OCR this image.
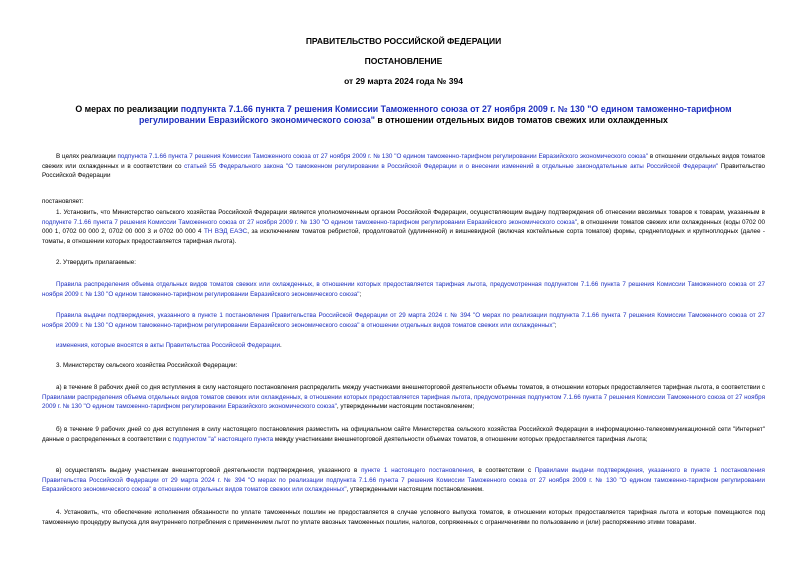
ПРАВИТЕЛЬСТВО РОССИЙСКОЙ ФЕДЕРАЦИИ
ПОСТАНОВЛЕНИЕ
от 29 марта 2024 года № 394
О мерах по реализации подпункта 7.1.66 пункта 7 решения Комиссии Таможенного союза от 27 ноября 2009 г. № 130 "О едином таможенно-тарифном регулировании Евразийского экономического союза" в отношении отдельных видов томатов свежих или охлажденных

В целях реализации подпункта 7.1.66 пункта 7 решения Комиссии Таможенного союза от 27 ноября 2009 г. № 130 "О едином таможенно-тарифном регулировании Евразийского экономического союза" в отношении отдельных видов томатов свежих или охлажденных и в соответствии со статьей 55 Федерального закона "О таможенном регулировании в Российской Федерации и о внесении изменений в отдельные законодательные акты Российской Федерации" Правительство Российской Федерации

постановляет:

1. Установить, что Министерство сельского хозяйства Российской Федерации является уполномоченным органом Российской Федерации, осуществляющим выдачу подтверждения об отнесении ввозимых товаров к товарам, указанным в подпункте 7.1.66 пункта 7 решения Комиссии Таможенного союза от 27 ноября 2009 г. № 130 "О едином таможенно-тарифном регулировании Евразийского экономического союза", в отношении томатов свежих или охлажденных (коды 0702 00 000 1, 0702 00 000 2, 0702 00 000 3 и 0702 00 000 4 ТН ВЭД ЕАЭС, за исключением томатов ребристой, продолговатой (удлиненной) и вишневидной (включая коктейльные сорта томатов) формы, среднеплодных и крупноплодных (далее - томаты, в отношении которых предоставляется тарифная льгота).

2. Утвердить прилагаемые:

Правила распределения объема отдельных видов томатов свежих или охлажденных, в отношении которых предоставляется тарифная льгота, предусмотренная подпунктом 7.1.66 пункта 7 решения Комиссии Таможенного союза от 27 ноября 2009 г. № 130 "О едином таможенно-тарифном регулировании Евразийского экономического союза";

Правила выдачи подтверждения, указанного в пункте 1 постановления Правительства Российской Федерации от 29 марта 2024 г. № 394 "О мерах по реализации подпункта 7.1.66 пункта 7 решения Комиссии Таможенного союза от 27 ноября 2009 г. № 130 "О едином таможенно-тарифном регулировании Евразийского экономического союза" в отношении отдельных видов томатов свежих или охлажденных";

изменения, которые вносятся в акты Правительства Российской Федерации.

3. Министерству сельского хозяйства Российской Федерации:

а) в течение 8 рабочих дней со дня вступления в силу настоящего постановления распределить между участниками внешнеторговой деятельности объемы томатов, в отношении которых предоставляется тарифная льгота, в соответствии с Правилами распределения объема отдельных видов томатов свежих или охлажденных, в отношении которых предоставляется тарифная льгота, предусмотренная подпунктом 7.1.66 пункта 7 решения Комиссии Таможенного союза от 27 ноября 2009 г. № 130 "О едином таможенно-тарифном регулировании Евразийского экономического союза", утвержденными настоящим постановлением;

б) в течение 9 рабочих дней со дня вступления в силу настоящего постановления разместить на официальном сайте Министерства сельского хозяйства Российской Федерации в информационно-телекоммуникационной сети "Интернет" данные о распределенных в соответствии с подпунктом "а" настоящего пункта между участниками внешнеторговой деятельности объемах томатов, в отношении которых предоставляется тарифная льгота;

в) осуществлять выдачу участникам внешнеторговой деятельности подтверждения, указанного в пункте 1 настоящего постановления, в соответствии с Правилами выдачи подтверждения, указанного в пункте 1 постановления Правительства Российской Федерации от 29 марта 2024 г. № 394 "О мерах по реализации подпункта 7.1.66 пункта 7 решения Комиссии Таможенного союза от 27 ноября 2009 г. № 130 "О едином таможенно-тарифном регулировании Евразийского экономического союза" в отношении отдельных видов томатов свежих или охлажденных", утвержденными настоящим постановлением.

4. Установить, что обеспечение исполнения обязанности по уплате таможенных пошлин не предоставляется в случае условного выпуска томатов, в отношении которых предоставляется тарифная льгота и которые помещаются под таможенную процедуру выпуска для внутреннего потребления с применением льгот по уплате ввозных таможенных пошлин, налогов, сопряженных с ограничениями по пользованию и (или) распоряжению этими товарами.
